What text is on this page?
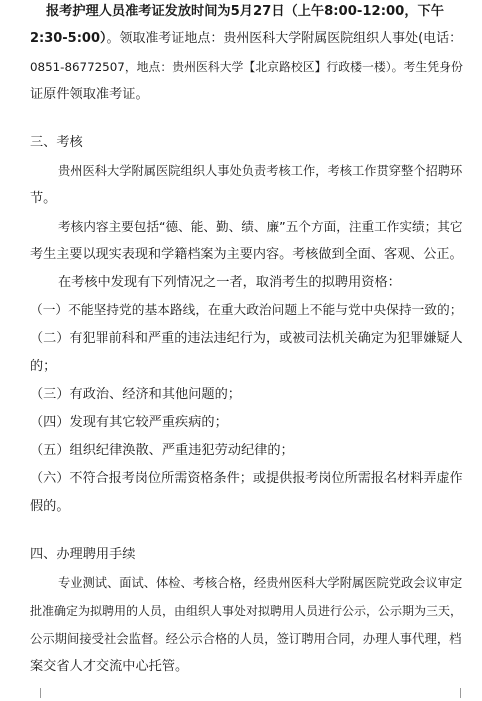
报考护理人员准考证发放时间为5月27日（上午8:00-12:00，下午
2:30-5:00）。领取准考证地点：贵州医科大学附属医院组织人事处(电话：
0851-86772507，地点：贵州医科大学【北京路校区】行政楼一楼）。考生凭身份
证原件领取准考证。
三、考核
贵州医科大学附属医院组织人事处负责考核工作，考核工作贯穿整个招聘环
节。
考核内容主要包括“德、能、勤、绩、廉”五个方面，注重工作实绩；其它
考生主要以现实表现和学籍档案为主要内容。考核做到全面、客观、公正。
在考核中发现有下列情况之一者，取消考生的拟聘用资格：
（一）不能坚持党的基本路线，在重大政治问题上不能与党中央保持一致的；
（二）有犯罪前科和严重的违法违纪行为，或被司法机关确定为犯罪嫌疑人
的；
（三）有政治、经济和其他问题的；
（四）发现有其它较严重疾病的；
（五）组织纪律涣散、严重违犯劳动纪律的；
（六）不符合报考岗位所需资格条件；或提供报考岗位所需报名材料弄虚作
假的。
四、办理聘用手续
专业测试、面试、体检、考核合格，经贵州医科大学附属医院党政会议审定
批准确定为拟聘用的人员，由组织人事处对拟聘用人员进行公示，公示期为三天，
公示期间接受社会监督。经公示合格的人员，签订聘用合同，办理人事代理，档
案交省人才交流中心托管。
